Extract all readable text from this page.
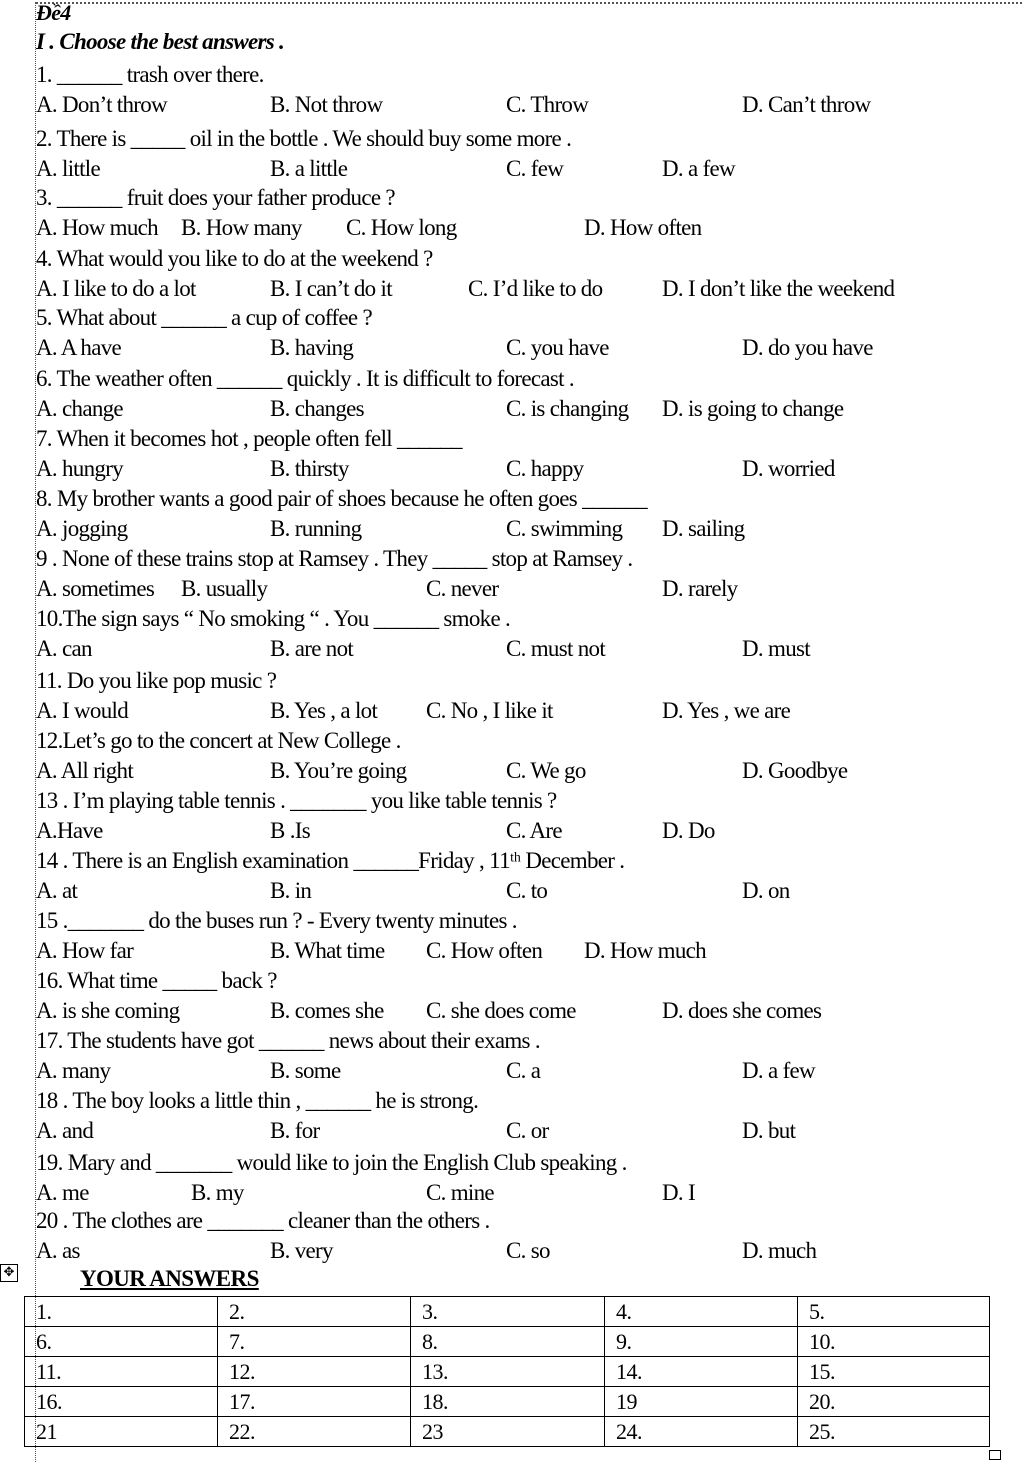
Đề4
I . Choose the best answers .
1. ______ trash over there.
A. Don’t throw	B. Not throw	C. Throw	D. Can’t throw
2. There is _____ oil in the bottle . We should buy some more .
A. little	B. a little	C. few	D. a few
3. ______ fruit does your father produce ?
A. How much B. How many C. How long	D. How often
4. What would you like to do at the weekend ?
A. I like to do a lot	B. I can’t do it	C. I’d like to do	D. I don’t like the weekend
5. What about ______ a cup of coffee ?
A. A have	B. having	C. you have	D. do you have
6. The weather often ______ quickly . It is difficult to forecast .
A. change	B. changes	C. is changing D. is going to change
7. When it becomes hot , people often fell ______
A. hungry	B. thirsty	C. happy	D. worried
8. My brother wants a good pair of shoes because he often goes ______
A. jogging	B. running	C. swimming D. sailing
9 . None of these trains stop at Ramsey . They _____ stop at Ramsey .
A. sometimes B. usually	C. never	D. rarely
10.The sign says “ No smoking “ . You ______ smoke .
A. can	B. are not	C. must not	D. must
11. Do you like pop music ?
A. I would	B. Yes , a lot C. No , I like it	D. Yes , we are
12.Let’s go to the concert at New College .
A. All right	B. You’re going	C. We go	D. Goodbye
13 . I’m playing table tennis . _______ you like table tennis ?
A.Have	B .Is	C. Are	D. Do
14 . There is an English examination ______Friday , 11ᵗʰ December .
A. at	B. in	C. to	D. on
15 ._______ do the buses run ? - Every twenty minutes .
A. How far	B. What time C. How often D. How much
16. What time _____ back ?
A. is she coming	B. comes she C. she does come	D. does she comes
17. The students have got ______ news about their exams .
A. many	B. some	C. a	D. a few
18 . The boy looks a little thin , ______ he is strong.
A. and	B. for	C. or	D. but
19. Mary and _______ would like to join the English Club speaking .
A. me	B. my	C. mine	D. I
20 . The clothes are _______ cleaner than the others .
A. as	B. very	C. so	D. much
✥	YOUR ANSWERS
1.	2.	3.	4.	5.
6.	7.	8.	9.	10.
11.	12.	13.	14.	15.
16.	17.	18.	19	20.
21	22.	23	24.	25.
